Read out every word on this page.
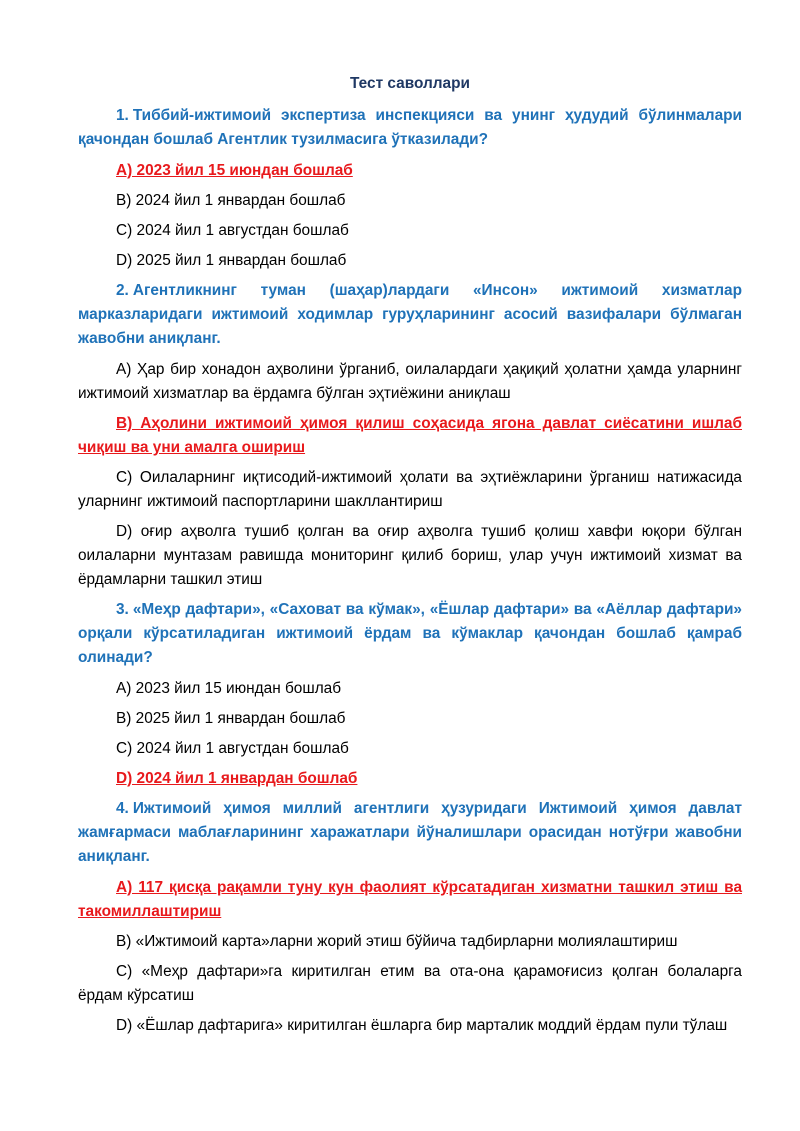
Тест саволлари

1. Тиббий-ижтимоий экспертиза инспекцияси ва унинг ҳудудий бўлинмалари қачондан бошлаб Агентлик тузилмасига ўтказилади?

A) 2023 йил 15 июндан бошлаб

B) 2024 йил 1 январдан бошлаб

C) 2024 йил 1 августдан бошлаб

D) 2025 йил 1 январдан бошлаб

2. Агентликнинг туман (шаҳар)лардаги «Инсон» ижтимоий хизматлар марказларидаги ижтимоий ходимлар гуруҳларининг асосий вазифалари бўлмаган жавобни аниқланг.

A) Ҳар бир хонадон аҳволини ўрганиб, оилалардаги ҳақиқий ҳолатни ҳамда уларнинг ижтимоий хизматлар ва ёрдамга бўлган эҳтиёжини аниқлаш

B) Аҳолини ижтимоий ҳимоя қилиш соҳасида ягона давлат сиёсатини ишлаб чиқиш ва уни амалга ошириш

C) Оилаларнинг иқтисодий-ижтимоий ҳолати ва эҳтиёжларини ўрганиш натижасида уларнинг ижтимоий паспортларини шакллантириш

D) оғир аҳволга тушиб қолган ва оғир аҳволга тушиб қолиш хавфи юқори бўлган оилаларни мунтазам равишда мониторинг қилиб бориш, улар учун ижтимоий хизмат ва ёрдамларни ташкил этиш

3. «Меҳр дафтари», «Саховат ва кўмак», «Ёшлар дафтари» ва «Аёллар дафтари» орқали кўрсатиладиган ижтимоий ёрдам ва кўмаклар қачондан бошлаб қамраб олинади?

A) 2023 йил 15 июндан бошлаб

B) 2025 йил 1 январдан бошлаб

C) 2024 йил 1 августдан бошлаб

D) 2024 йил 1 январдан бошлаб

4. Ижтимоий ҳимоя миллий агентлиги ҳузуридаги Ижтимоий ҳимоя давлат жамғармаси маблағларининг харажатлари йўналишлари орасидан нотўғри жавобни аниқланг.

A) 117 қисқа рақамли туну кун фаолият кўрсатадиган хизматни ташкил этиш ва такомиллаштириш

B) «Ижтимоий карта»ларни жорий этиш бўйича тадбирларни молиялаштириш

C) «Меҳр дафтари»га киритилган етим ва ота-она қарамоғисиз қолган болаларга ёрдам кўрсатиш

D) «Ёшлар дафтарига» киритилган ёшларга бир марталик моддий ёрдам пули тўлаш
